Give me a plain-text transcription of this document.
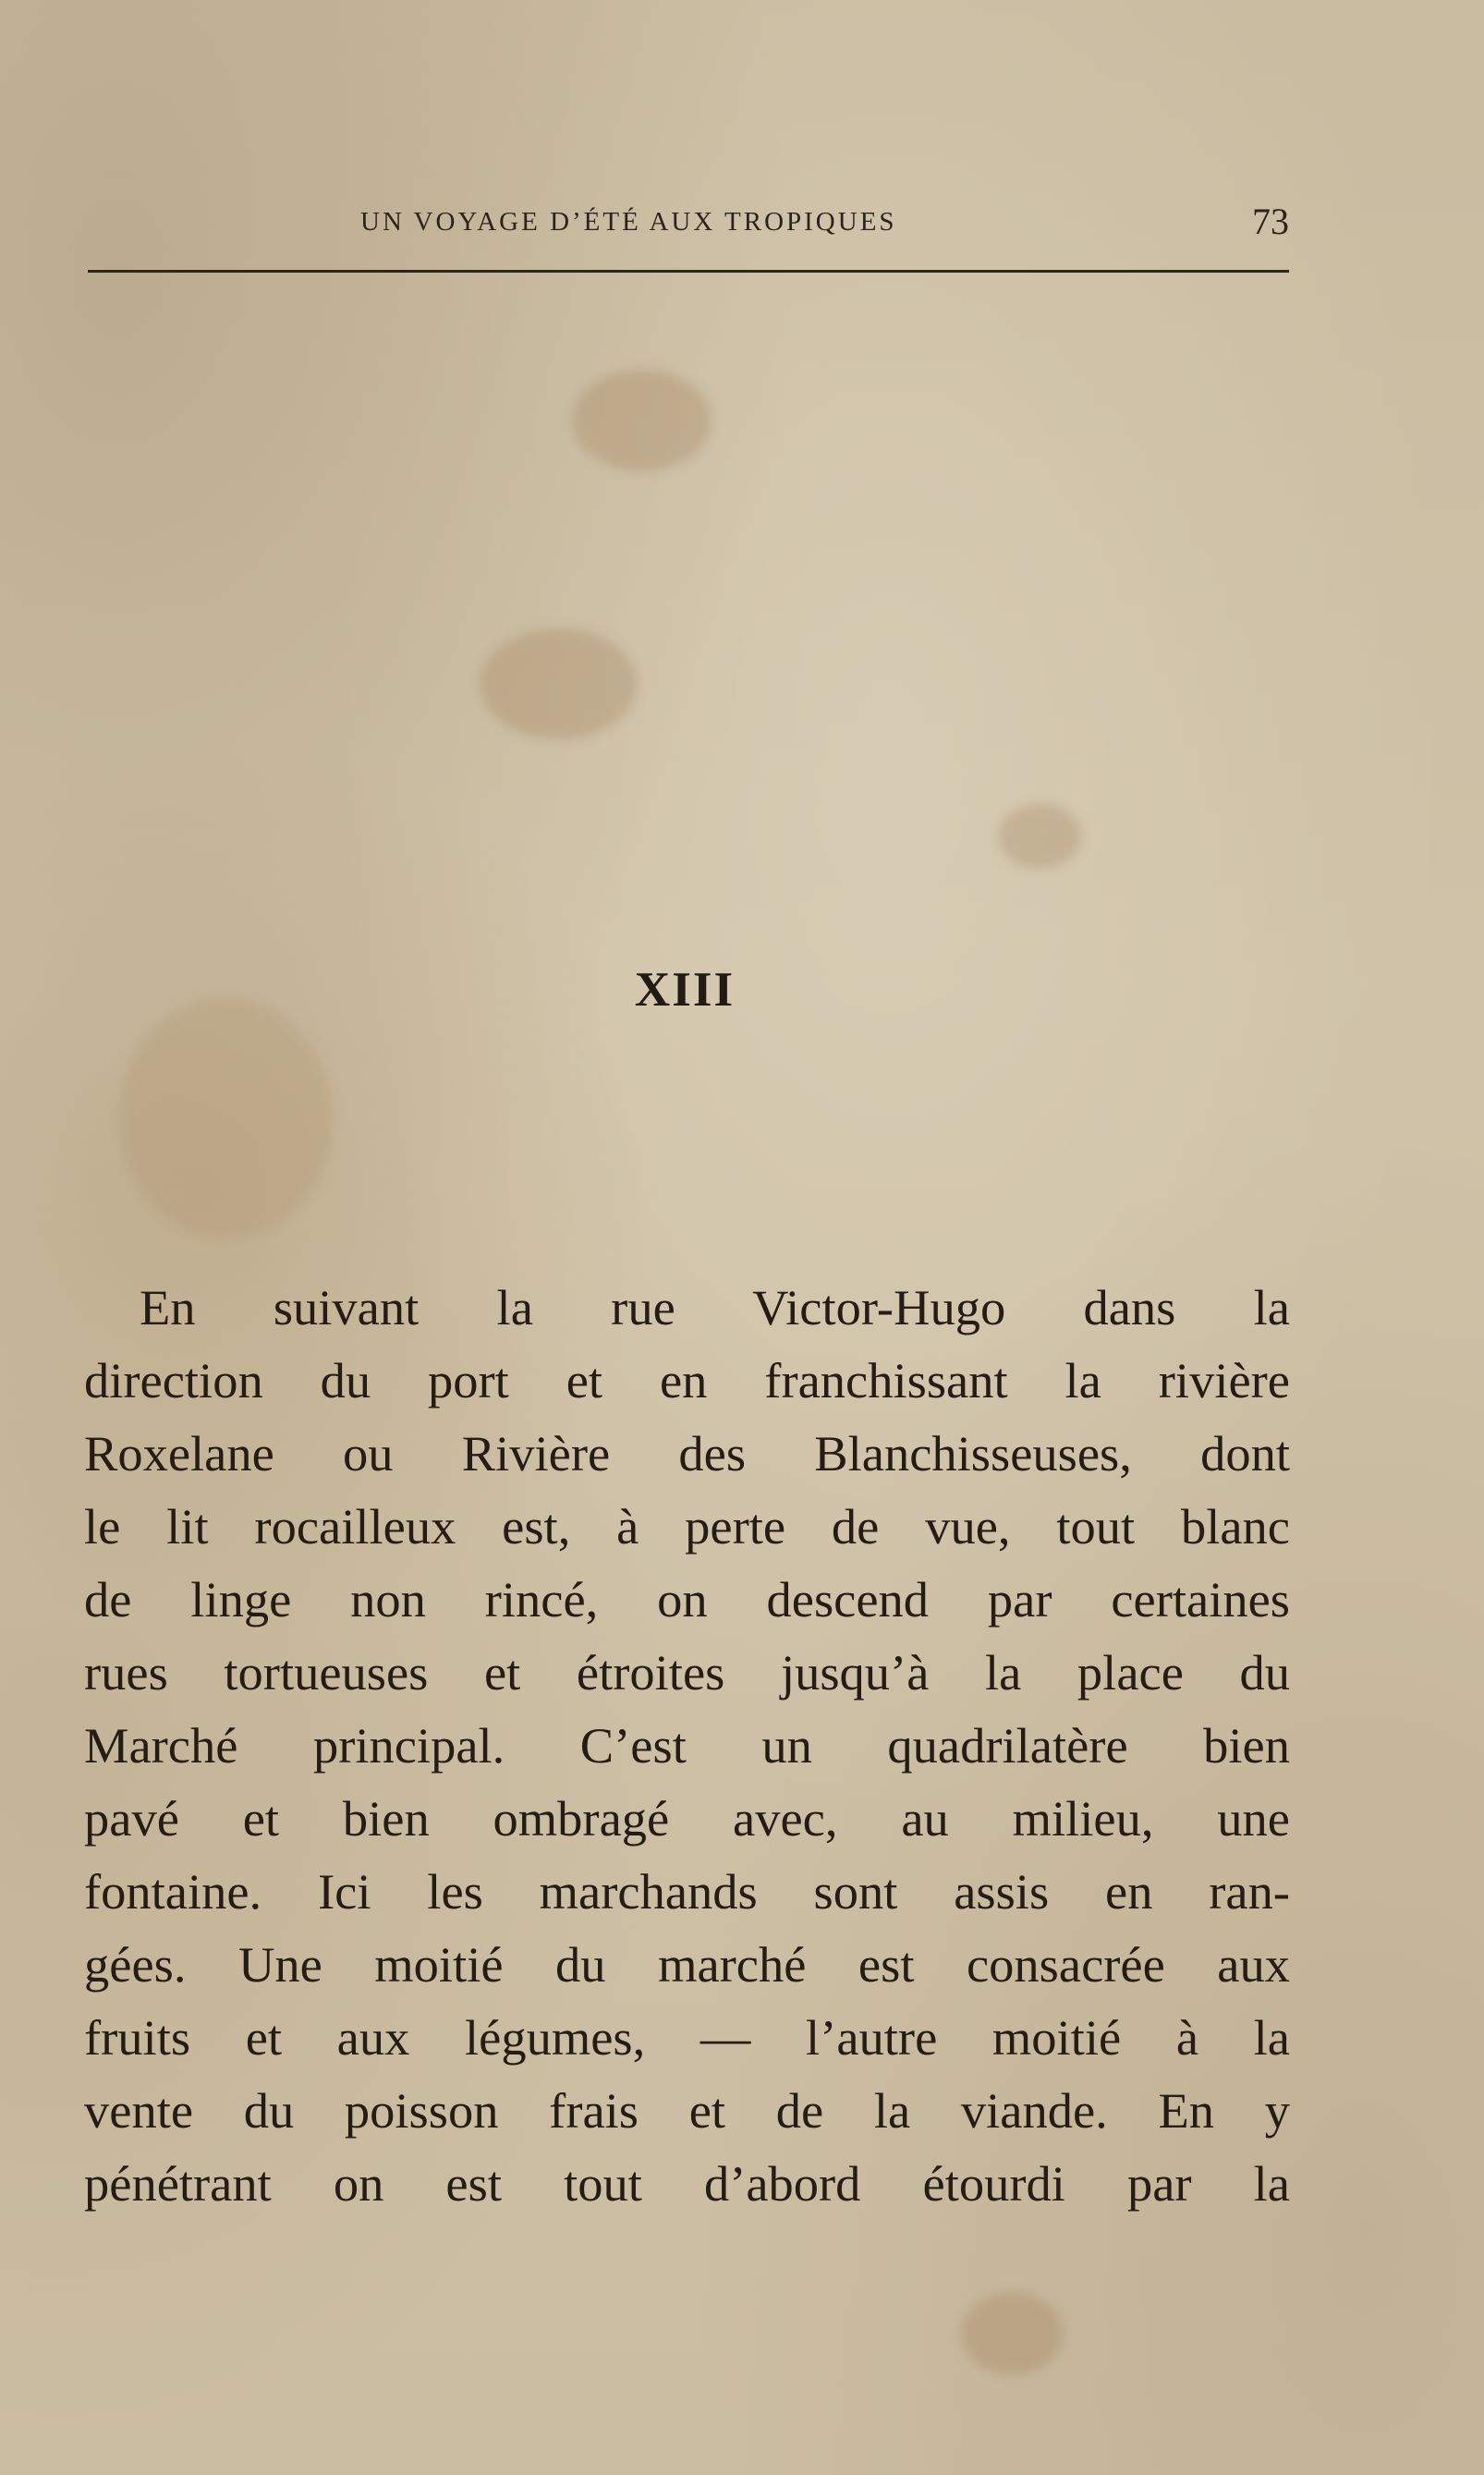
UN VOYAGE D’ÉTÉ AUX TROPIQUES	73
XIII

En suivant la rue Victor-Hugo dans la
direction du port et en franchissant la rivière
Roxelane ou Rivière des Blanchisseuses, dont
le lit rocailleux est, à perte de vue, tout blanc
de linge non rincé, on descend par certaines
rues tortueuses et étroites jusqu’à la place du
Marché principal. C’est un quadrilatère bien
pavé et bien ombragé avec, au milieu, une
fontaine. Ici les marchands sont assis en ran-
gées. Une moitié du marché est consacrée aux
fruits et aux légumes, — l’autre moitié à la
vente du poisson frais et de la viande. En y
pénétrant on est tout d’abord étourdi par la
